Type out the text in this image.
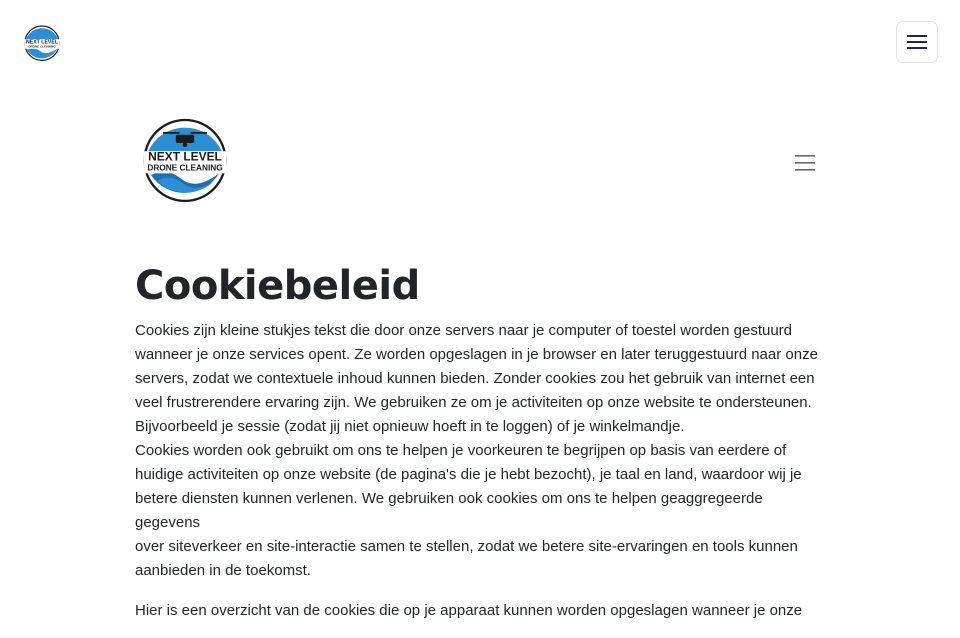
NEXT LEVEL
DRONE CLEANING
NEXT LEVEL
DRONE CLEANING
Cookiebeleid

Cookies zijn kleine stukjes tekst die door onze servers naar je computer of toestel worden gestuurd

wanneer je onze services opent. Ze worden opgeslagen in je browser en later teruggestuurd naar onze

servers, zodat we contextuele inhoud kunnen bieden. Zonder cookies zou het gebruik van internet een

veel frustrerendere ervaring zijn. We gebruiken ze om je activiteiten op onze website te ondersteunen.

Bijvoorbeeld je sessie (zodat jij niet opnieuw hoeft in te loggen) of je winkelmandje.

Cookies worden ook gebruikt om ons te helpen je voorkeuren te begrijpen op basis van eerdere of

huidige activiteiten op onze website (de pagina's die je hebt bezocht), je taal en land, waardoor wij je

betere diensten kunnen verlenen. We gebruiken ook cookies om ons te helpen geaggregeerde gegevens

over siteverkeer en site-interactie samen te stellen, zodat we betere site-ervaringen en tools kunnen

aanbieden in de toekomst.

Hier is een overzicht van de cookies die op je apparaat kunnen worden opgeslagen wanneer je onze
